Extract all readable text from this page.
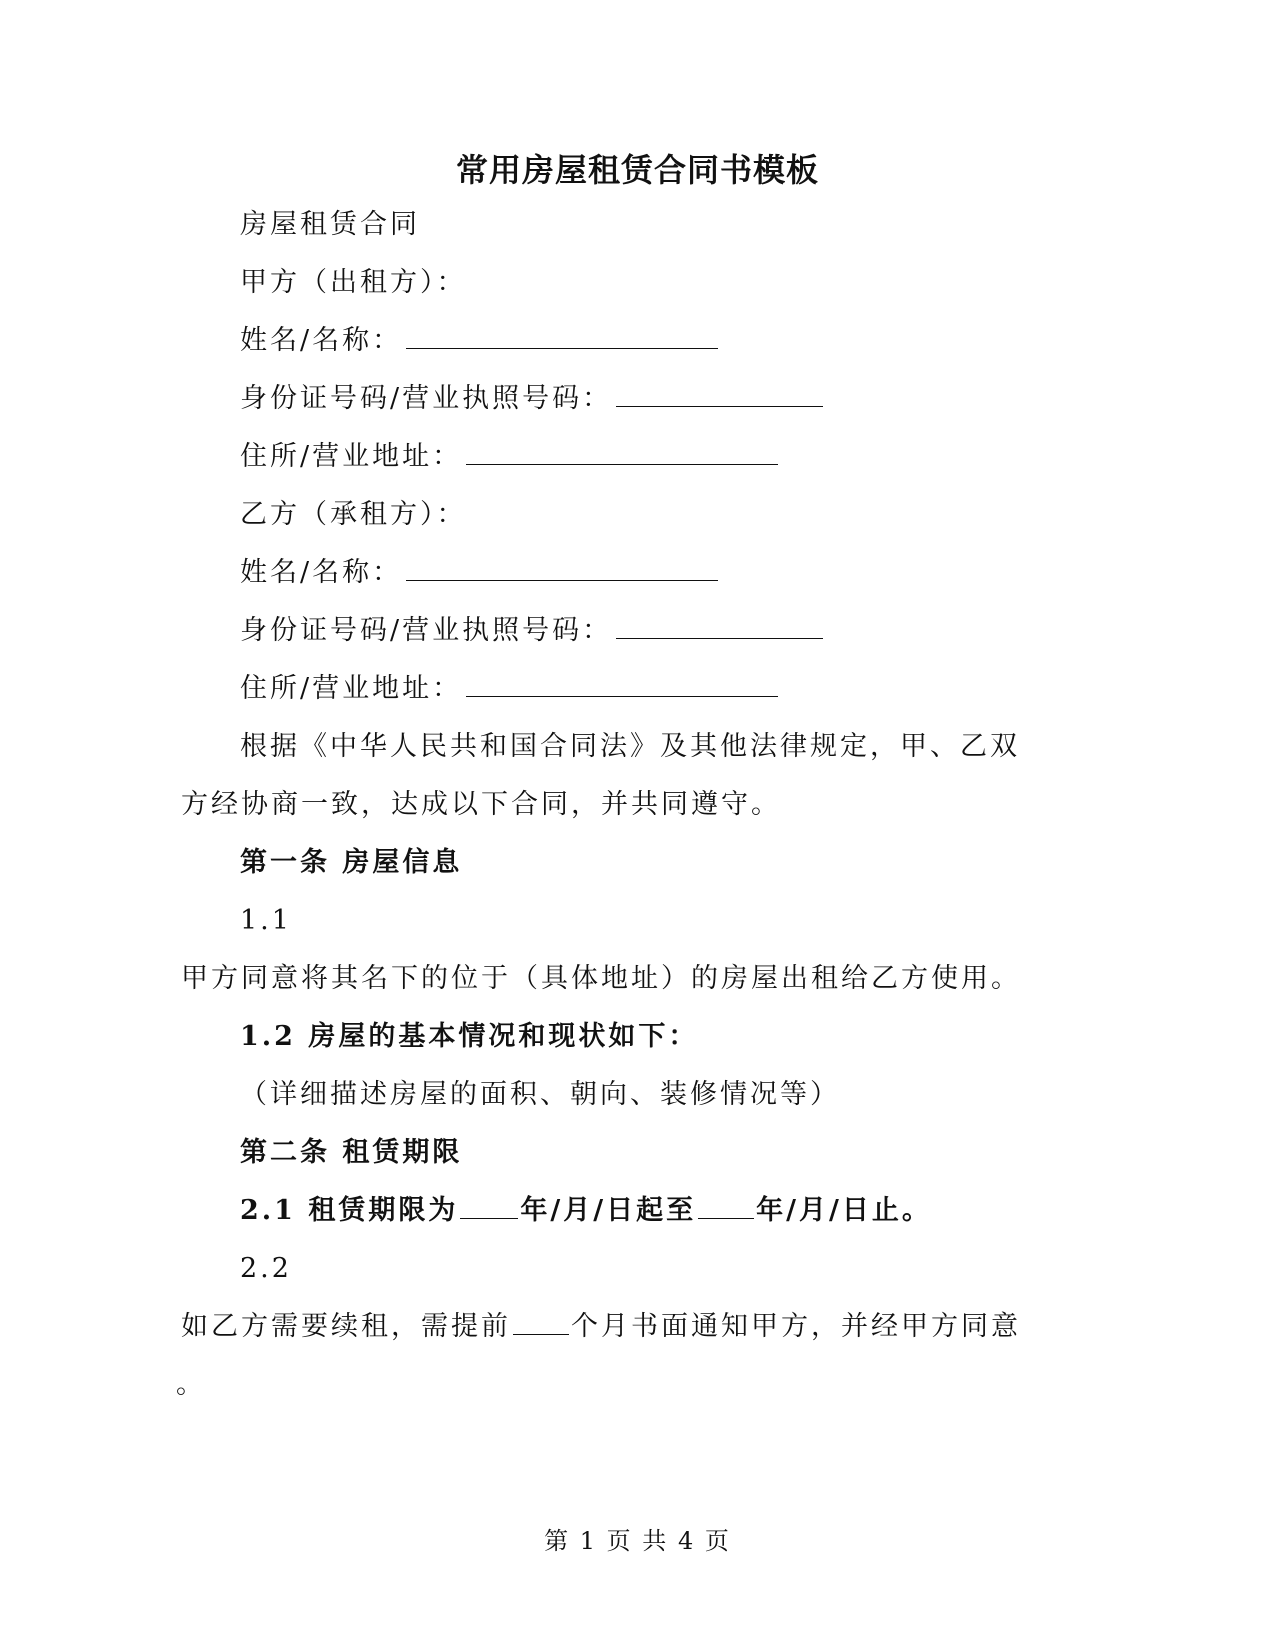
常用房屋租赁合同书模板
房屋租赁合同
甲方（出租方）：
姓名/名称：
身份证号码/营业执照号码：
住所/营业地址：
乙方（承租方）：
姓名/名称：
身份证号码/营业执照号码：
住所/营业地址：
根据《中华人民共和国合同法》及其他法律规定，甲、乙双
方经协商一致，达成以下合同，并共同遵守。
第一条 房屋信息
1.1
甲方同意将其名下的位于（具体地址）的房屋出租给乙方使用。
1.2 房屋的基本情况和现状如下：
（详细描述房屋的面积、朝向、装修情况等）
第二条 租赁期限
2.1 租赁期限为 年/月/日起至 年/月/日止。
2.2
如乙方需要续租，需提前 个月书面通知甲方，并经甲方同意
。
第 1 页 共 4 页
